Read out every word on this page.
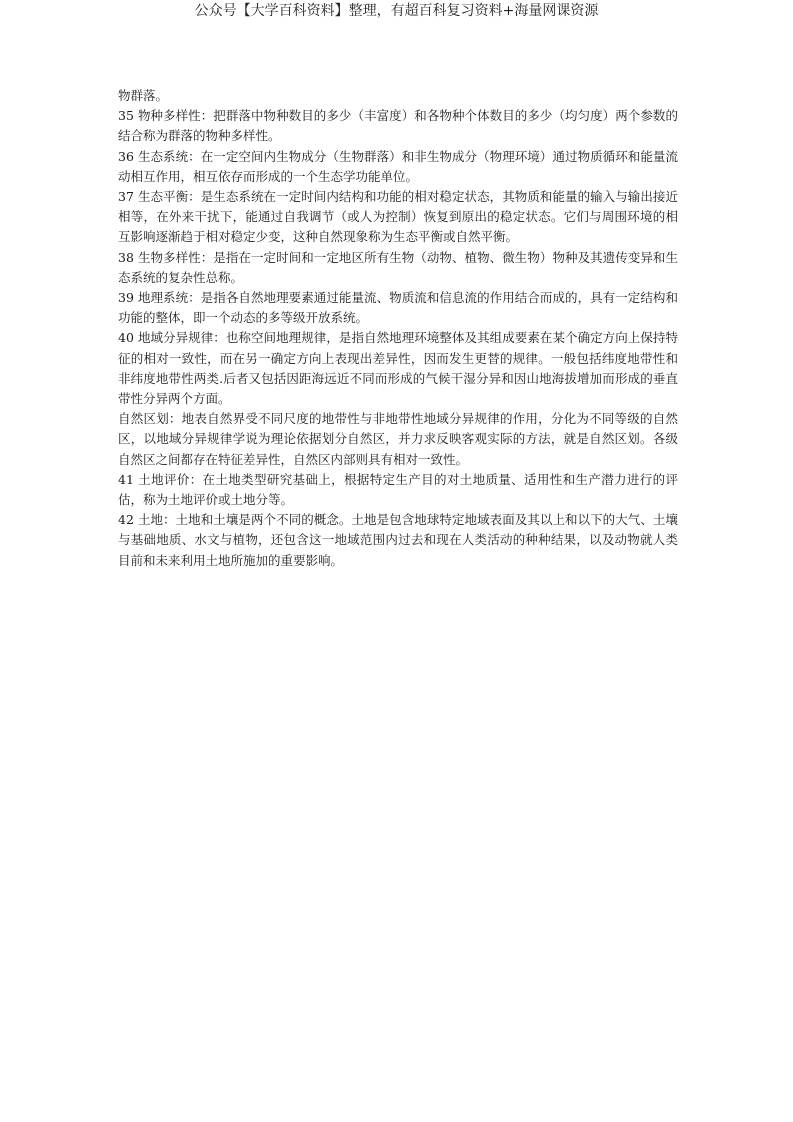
公众号【大学百科资料】整理，有超百科复习资料+海量网课资源

物群落。

35 物种多样性：把群落中物种数目的多少（丰富度）和各物种个体数目的多少（均匀度）两个参数的结合称为群落的物种多样性。

36 生态系统：在一定空间内生物成分（生物群落）和非生物成分（物理环境）通过物质循环和能量流动相互作用，相互依存而形成的一个生态学功能单位。

37 生态平衡：是生态系统在一定时间内结构和功能的相对稳定状态，其物质和能量的输入与输出接近相等，在外来干扰下，能通过自我调节（或人为控制）恢复到原出的稳定状态。它们与周围环境的相互影响逐渐趋于相对稳定少变，这种自然现象称为生态平衡或自然平衡。

38 生物多样性：是指在一定时间和一定地区所有生物（动物、植物、微生物）物种及其遗传变异和生态系统的复杂性总称。

39 地理系统：是指各自然地理要素通过能量流、物质流和信息流的作用结合而成的，具有一定结构和功能的整体，即一个动态的多等级开放系统。

40 地域分异规律：也称空间地理规律，是指自然地理环境整体及其组成要素在某个确定方向上保持特征的相对一致性，而在另一确定方向上表现出差异性，因而发生更替的规律。一般包括纬度地带性和非纬度地带性两类.后者又包括因距海远近不同而形成的气候干湿分异和因山地海拔增加而形成的垂直带性分异两个方面。

自然区划：地表自然界受不同尺度的地带性与非地带性地域分异规律的作用，分化为不同等级的自然区，以地域分异规律学说为理论依据划分自然区，并力求反映客观实际的方法，就是自然区划。各级自然区之间都存在特征差异性，自然区内部则具有相对一致性。

41 土地评价：在土地类型研究基础上，根据特定生产目的对土地质量、适用性和生产潜力进行的评估，称为土地评价或土地分等。

42 土地：土地和土壤是两个不同的概念。土地是包含地球特定地域表面及其以上和以下的大气、土壤与基础地质、水文与植物，还包含这一地域范围内过去和现在人类活动的种种结果，以及动物就人类目前和未来利用土地所施加的重要影响。
